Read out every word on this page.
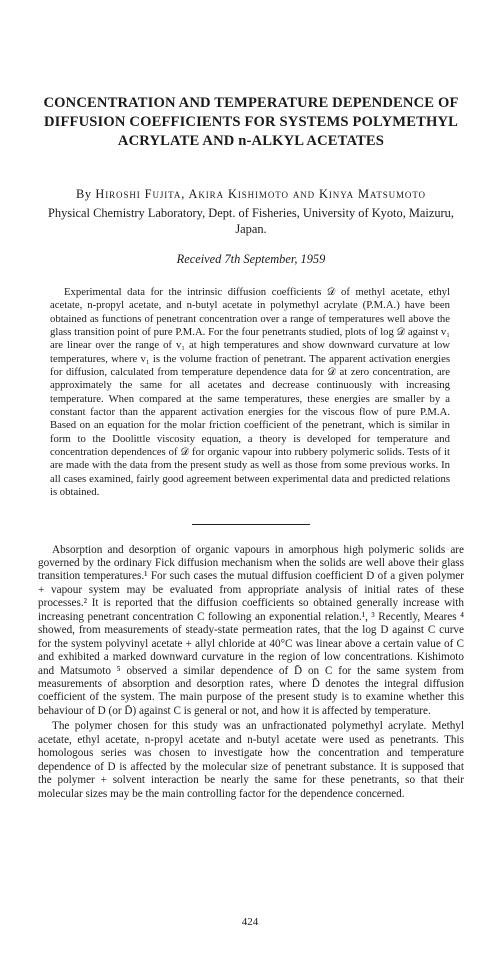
CONCENTRATION AND TEMPERATURE DEPENDENCE OF DIFFUSION COEFFICIENTS FOR SYSTEMS POLYMETHYL ACRYLATE AND n-ALKYL ACETATES
By Hiroshi Fujita, Akira Kishimoto and Kinya Matsumoto
Physical Chemistry Laboratory, Dept. of Fisheries, University of Kyoto, Maizuru, Japan.
Received 7th September, 1959

Experimental data for the intrinsic diffusion coefficients 𝒟 of methyl acetate, ethyl acetate, n-propyl acetate, and n-butyl acetate in polymethyl acrylate (P.M.A.) have been obtained as functions of penetrant concentration over a range of temperatures well above the glass transition point of pure P.M.A. For the four penetrants studied, plots of log 𝒟 against v₁ are linear over the range of v₁ at high temperatures and show downward curvature at low temperatures, where v₁ is the volume fraction of penetrant. The apparent activation energies for diffusion, calculated from temperature dependence data for 𝒟 at zero concentration, are approximately the same for all acetates and decrease continuously with increasing temperature. When compared at the same temperatures, these energies are smaller by a constant factor than the apparent activation energies for the viscous flow of pure P.M.A. Based on an equation for the molar friction coefficient of the penetrant, which is similar in form to the Doolittle viscosity equation, a theory is developed for temperature and concentration dependences of 𝒟 for organic vapour into rubbery polymeric solids. Tests of it are made with the data from the present study as well as those from some previous works. In all cases examined, fairly good agreement between experimental data and predicted relations is obtained.

Absorption and desorption of organic vapours in amorphous high polymeric solids are governed by the ordinary Fick diffusion mechanism when the solids are well above their glass transition temperatures.¹ For such cases the mutual diffusion coefficient D of a given polymer + vapour system may be evaluated from appropriate analysis of initial rates of these processes.² It is reported that the diffusion coefficients so obtained generally increase with increasing penetrant concentration C following an exponential relation.¹, ³ Recently, Meares ⁴ showed, from measurements of steady-state permeation rates, that the log D against C curve for the system polyvinyl acetate + allyl chloride at 40°C was linear above a certain value of C and exhibited a marked downward curvature in the region of low concentrations. Kishimoto and Matsumoto ⁵ observed a similar dependence of D̄ on C for the same system from measurements of absorption and desorption rates, where D̄ denotes the integral diffusion coefficient of the system. The main purpose of the present study is to examine whether this behaviour of D (or D̄) against C is general or not, and how it is affected by temperature.

The polymer chosen for this study was an unfractionated polymethyl acrylate. Methyl acetate, ethyl acetate, n-propyl acetate and n-butyl acetate were used as penetrants. This homologous series was chosen to investigate how the concentration and temperature dependence of D is affected by the molecular size of penetrant substance. It is supposed that the polymer + solvent interaction be nearly the same for these penetrants, so that their molecular sizes may be the main controlling factor for the dependence concerned.

424
